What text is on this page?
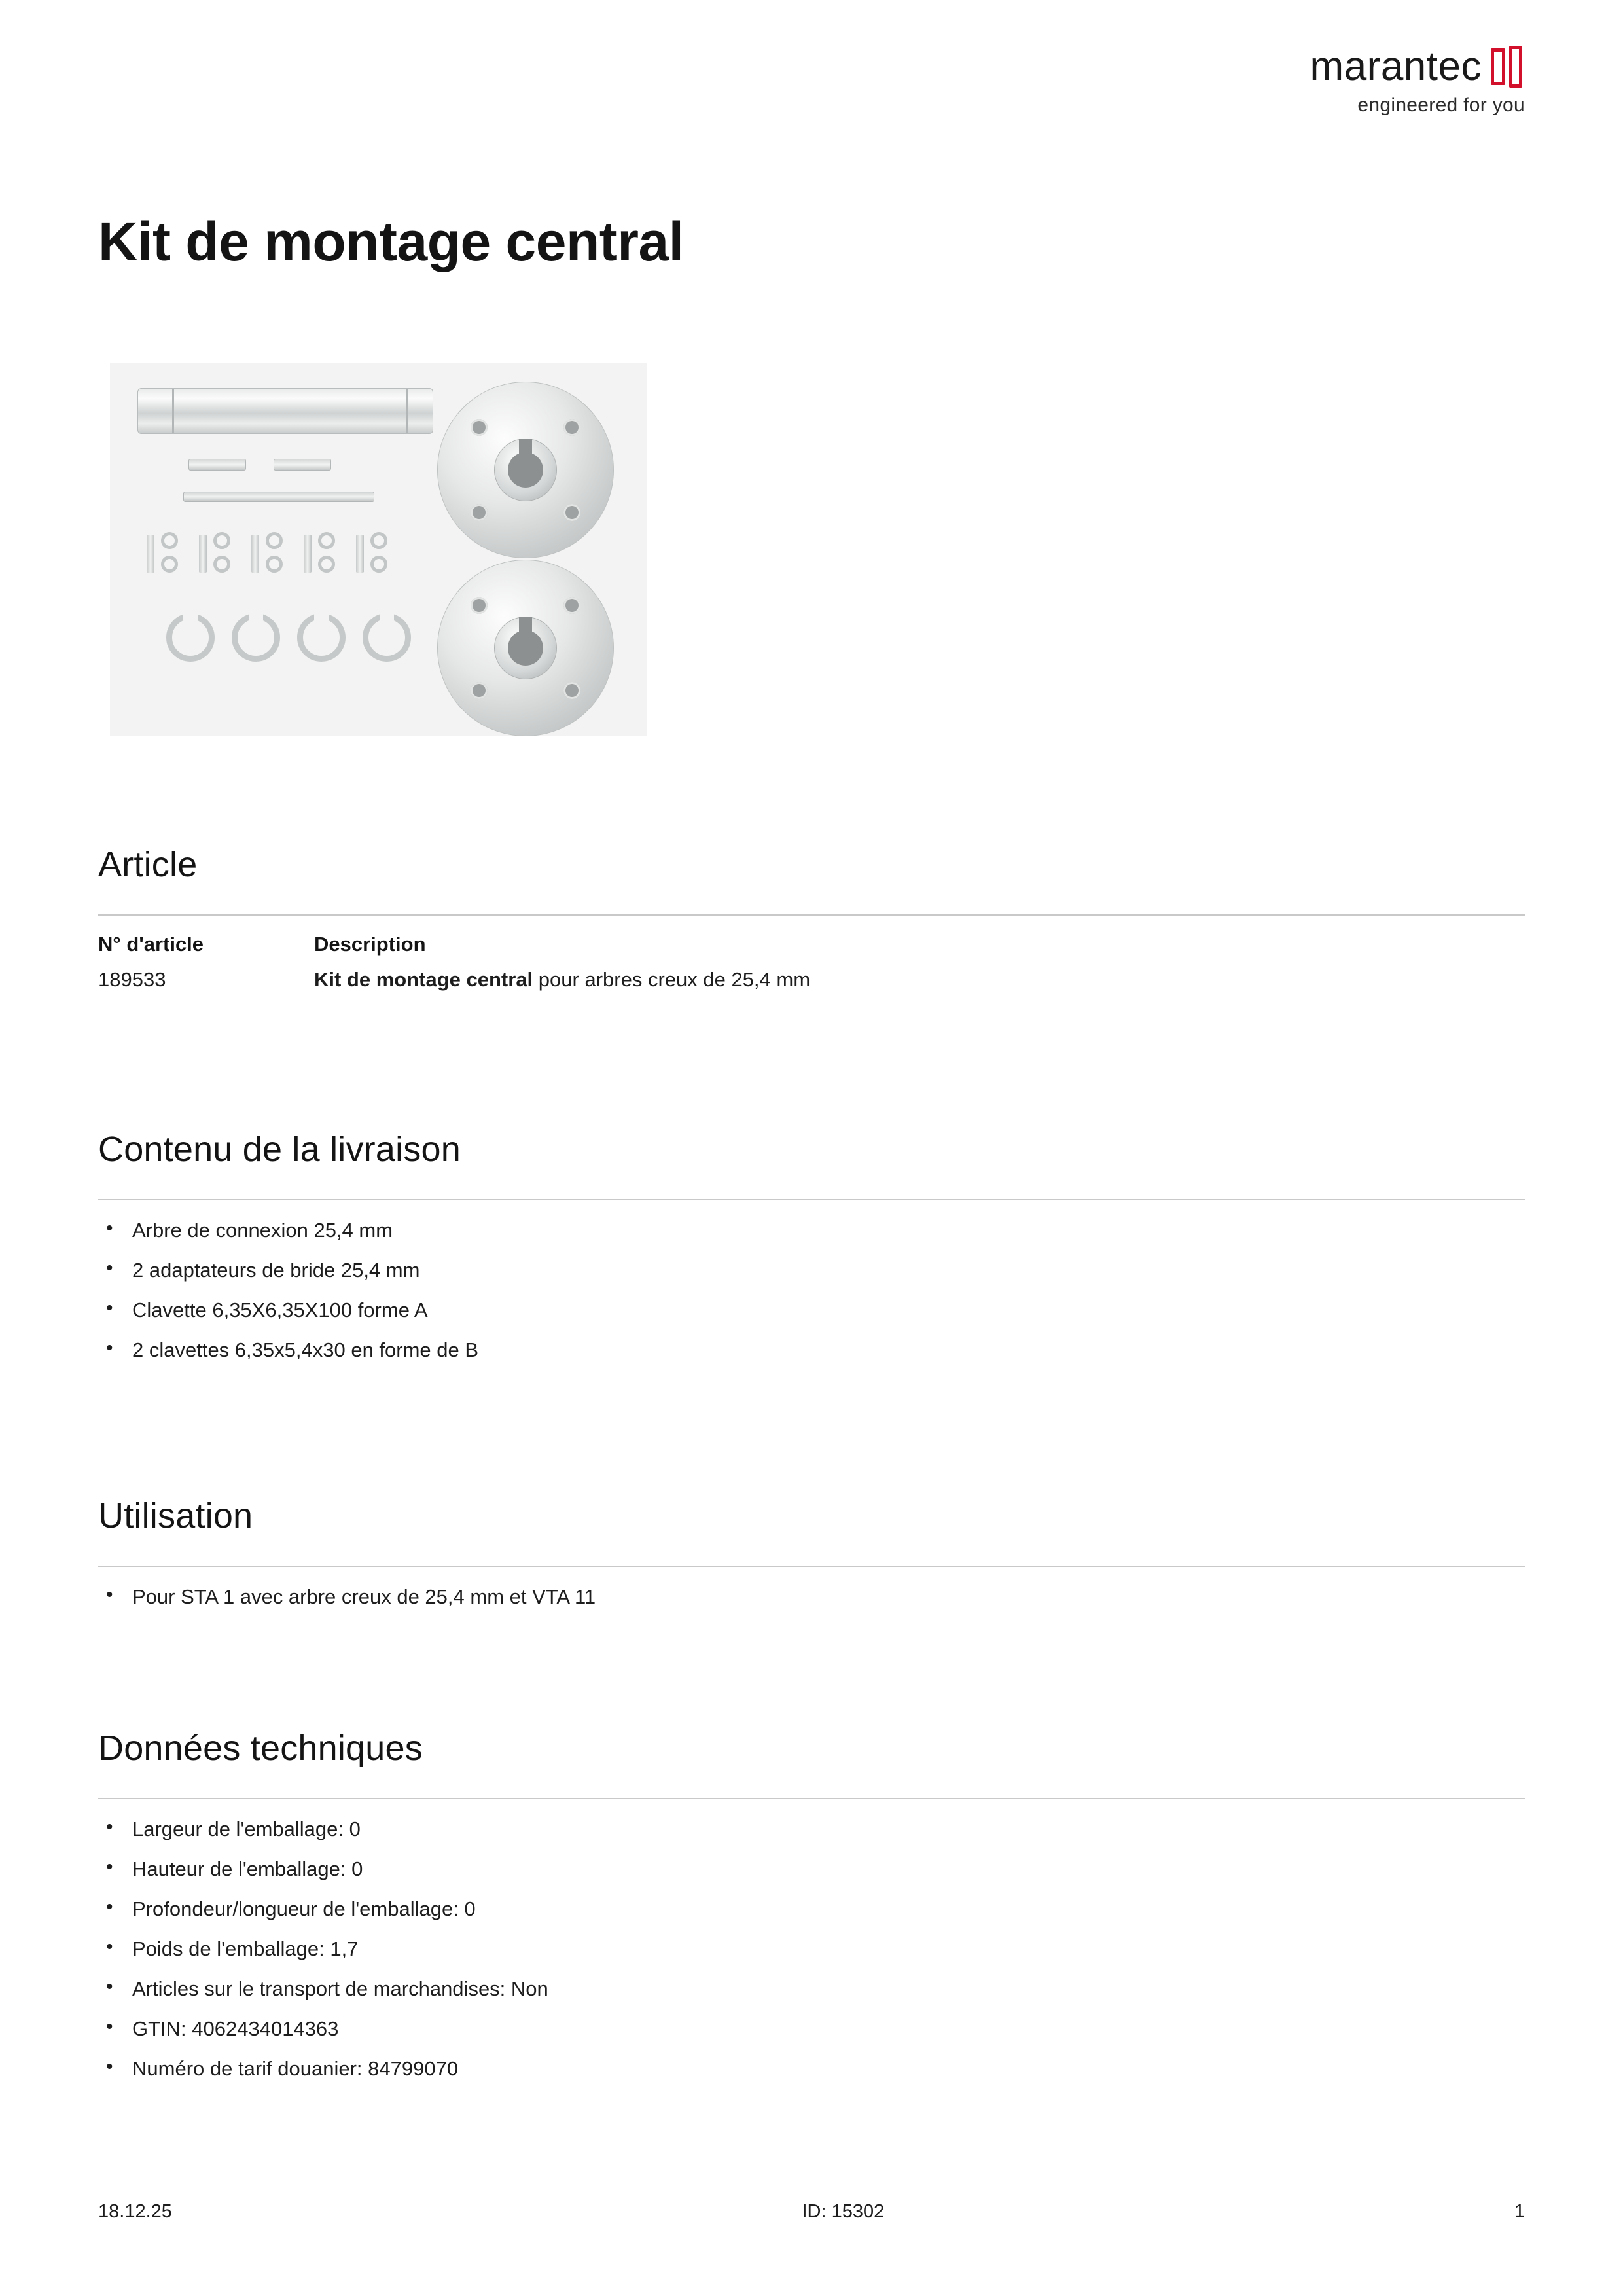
marantec
engineered for you
Kit de montage central
Article
N° d'article	Description
189533	Kit de montage central pour arbres creux de 25,4 mm
Contenu de la livraison
• Arbre de connexion 25,4 mm
• 2 adaptateurs de bride 25,4 mm
• Clavette 6,35X6,35X100 forme A
• 2 clavettes 6,35x5,4x30 en forme de B
Utilisation
• Pour STA 1 avec arbre creux de 25,4 mm et VTA 11
Données techniques
• Largeur de l'emballage: 0
• Hauteur de l'emballage: 0
• Profondeur/longueur de l'emballage: 0
• Poids de l'emballage: 1,7
• Articles sur le transport de marchandises: Non
• GTIN: 4062434014363
• Numéro de tarif douanier: 84799070
18.12.25	ID: 15302	1
